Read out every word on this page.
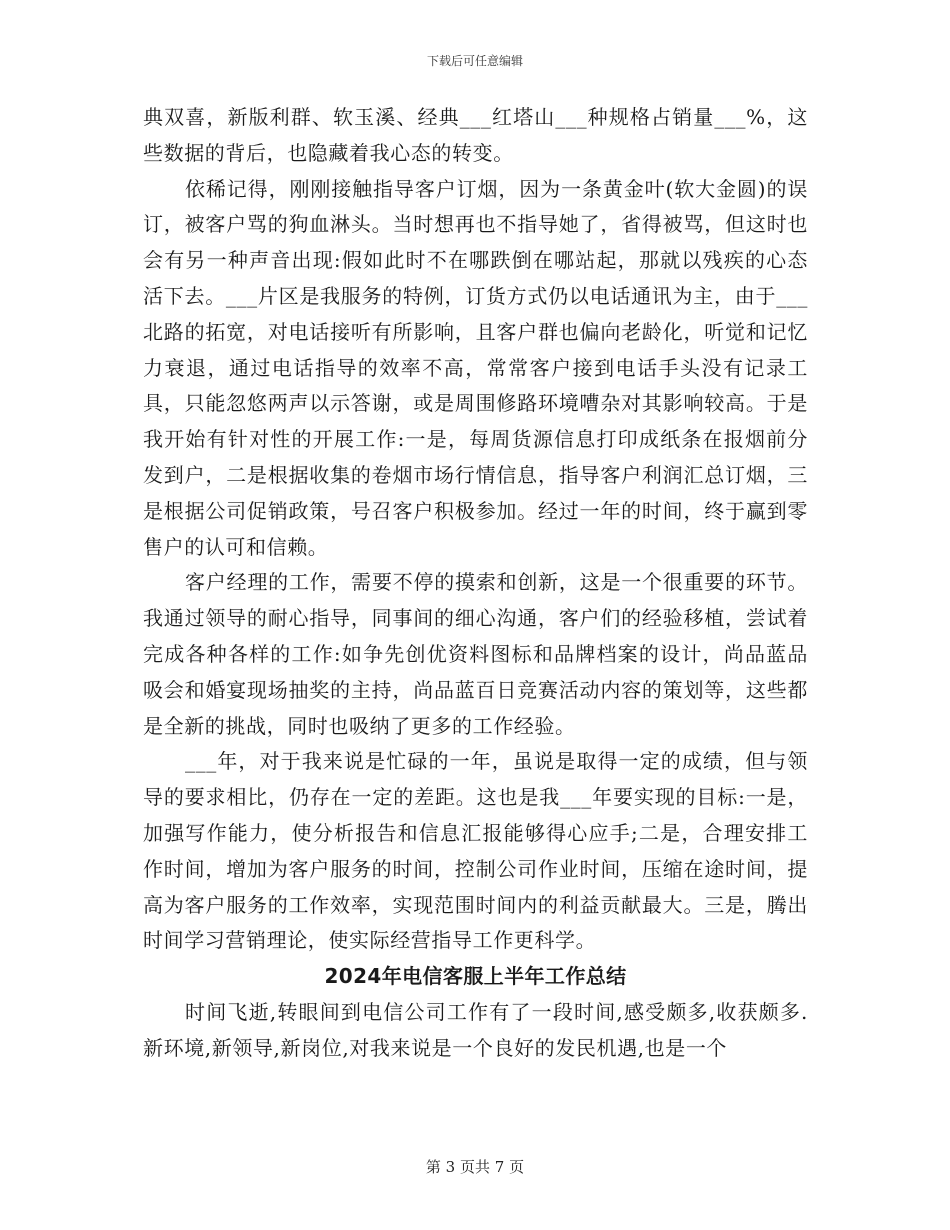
下载后可任意编辑

典双喜，新版利群、软玉溪、经典___红塔山___种规格占销量___%，这些数据的背后，也隐藏着我心态的转变。

依稀记得，刚刚接触指导客户订烟，因为一条黄金叶(软大金圆)的误订，被客户骂的狗血淋头。当时想再也不指导她了，省得被骂，但这时也会有另一种声音出现:假如此时不在哪跌倒在哪站起，那就以残疾的心态活下去。___片区是我服务的特例，订货方式仍以电话通讯为主，由于___北路的拓宽，对电话接听有所影响，且客户群也偏向老龄化，听觉和记忆力衰退，通过电话指导的效率不高，常常客户接到电话手头没有记录工具，只能忽悠两声以示答谢，或是周围修路环境嘈杂对其影响较高。于是我开始有针对性的开展工作:一是，每周货源信息打印成纸条在报烟前分发到户，二是根据收集的卷烟市场行情信息，指导客户利润汇总订烟，三是根据公司促销政策，号召客户积极参加。经过一年的时间，终于赢到零售户的认可和信赖。

客户经理的工作，需要不停的摸索和创新，这是一个很重要的环节。我通过领导的耐心指导，同事间的细心沟通，客户们的经验移植，尝试着完成各种各样的工作:如争先创优资料图标和品牌档案的设计，尚品蓝品吸会和婚宴现场抽奖的主持，尚品蓝百日竞赛活动内容的策划等，这些都是全新的挑战，同时也吸纳了更多的工作经验。

___年，对于我来说是忙碌的一年，虽说是取得一定的成绩，但与领导的要求相比，仍存在一定的差距。这也是我___年要实现的目标:一是，加强写作能力，使分析报告和信息汇报能够得心应手;二是，合理安排工作时间，增加为客户服务的时间，控制公司作业时间，压缩在途时间，提高为客户服务的工作效率，实现范围时间内的利益贡献最大。三是，腾出时间学习营销理论，使实际经营指导工作更科学。

2024年电信客服上半年工作总结

时间飞逝,转眼间到电信公司工作有了一段时间,感受颇多,收获颇多.新环境,新领导,新岗位,对我来说是一个良好的发民机遇,也是一个

第 3 页共 7 页
